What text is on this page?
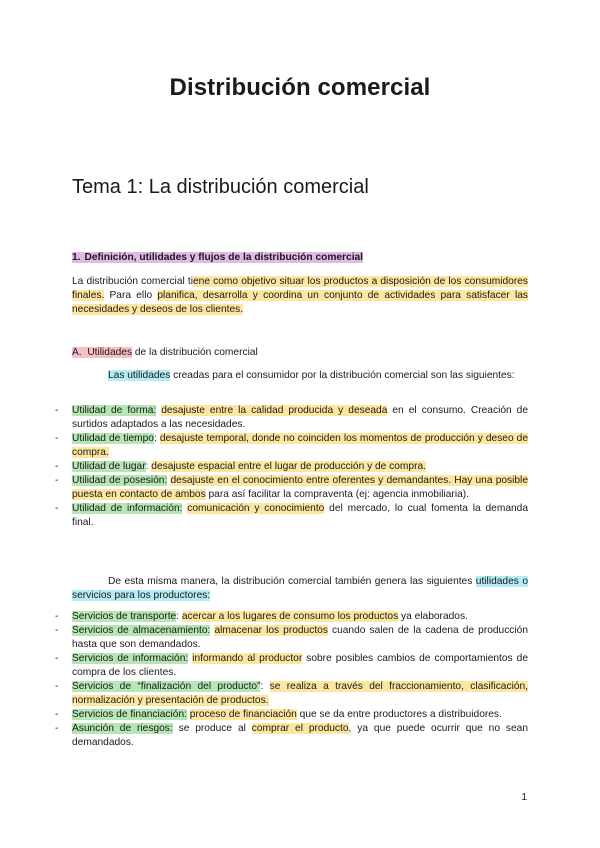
Distribución comercial
Tema 1: La distribución comercial
1. Definición, utilidades y flujos de la distribución comercial
La distribución comercial tiene como objetivo situar los productos a disposición de los consumidores finales. Para ello planifica, desarrolla y coordina un conjunto de actividades para satisfacer las necesidades y deseos de los clientes.
A. Utilidades de la distribución comercial
Las utilidades creadas para el consumidor por la distribución comercial son las siguientes:
- Utilidad de forma: desajuste entre la calidad producida y deseada en el consumo. Creación de surtidos adaptados a las necesidades.
- Utilidad de tiempo: desajuste temporal, donde no coinciden los momentos de producción y deseo de compra.
- Utilidad de lugar: desajuste espacial entre el lugar de producción y de compra.
- Utilidad de posesión: desajuste en el conocimiento entre oferentes y demandantes. Hay una posible puesta en contacto de ambos para así facilitar la compraventa (ej: agencia inmobiliaria).
- Utilidad de información: comunicación y conocimiento del mercado, lo cual fomenta la demanda final.
De esta misma manera, la distribución comercial también genera las siguientes utilidades o servicios para los productores:
- Servicios de transporte: acercar a los lugares de consumo los productos ya elaborados.
- Servicios de almacenamiento: almacenar los productos cuando salen de la cadena de producción hasta que son demandados.
- Servicios de información: informando al productor sobre posibles cambios de comportamientos de compra de los clientes.
- Servicios de “finalización del producto”: se realiza a través del fraccionamiento, clasificación, normalización y presentación de productos.
- Servicios de financiación: proceso de financiación que se da entre productores a distribuidores.
- Asunción de riesgos: se produce al comprar el producto, ya que puede ocurrir que no sean demandados.
1
